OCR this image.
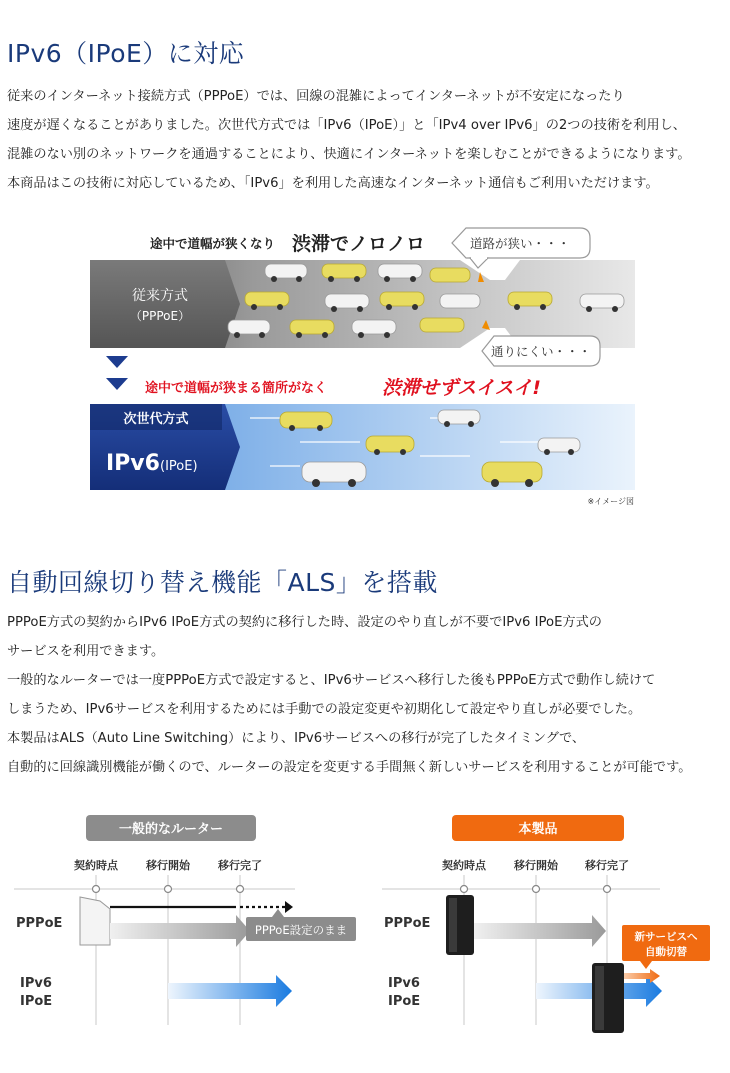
IPv6（IPoE）に対応
従来のインターネット接続方式（PPPoE）では、回線の混雑によってインターネットが不安定になったり
速度が遅くなることがありました。次世代方式では「IPv6（IPoE）」と「IPv4 over IPv6」の2つの技術を利用し、
混雑のない別のネットワークを通過することにより、快適にインターネットを楽しむことができるようになります。
本商品はこの技術に対応しているため、「IPv6」を利用した高速なインターネット通信もご利用いただけます。
途中で道幅が狭くなり 渋滞でノロノロ
従来方式
（PPPoE）
道路が狭い・・・
通りにくい・・・
途中で道幅が狭まる箇所がなく	渋滞せずスイスイ!
次世代方式
IPv6 (IPoE)
※イメージ図
自動回線切り替え機能「ALS」を搭載
PPPoE方式の契約からIPv6 IPoE方式の契約に移行した時、設定のやり直しが不要でIPv6 IPoE方式の
サービスを利用できます。
一般的なルーターでは一度PPPoE方式で設定すると、IPv6サービスへ移行した後もPPPoE方式で動作し続けて
しまうため、IPv6サービスを利用するためには手動での設定変更や初期化して設定やり直しが必要でした。
本製品はALS（Auto Line Switching）により、IPv6サービスへの移行が完了したタイミングで、
自動的に回線識別機能が働くので、ルーターの設定を変更する手間無く新しいサービスを利用することが可能です。
一般的なルーター
契約時点	移行開始	移行完了
PPPoE
IPv6
IPoE
PPPoE設定のまま
本製品
契約時点	移行開始 移行完了
PPPoE
IPv6
IPoE
新サービスへ
自動切替
